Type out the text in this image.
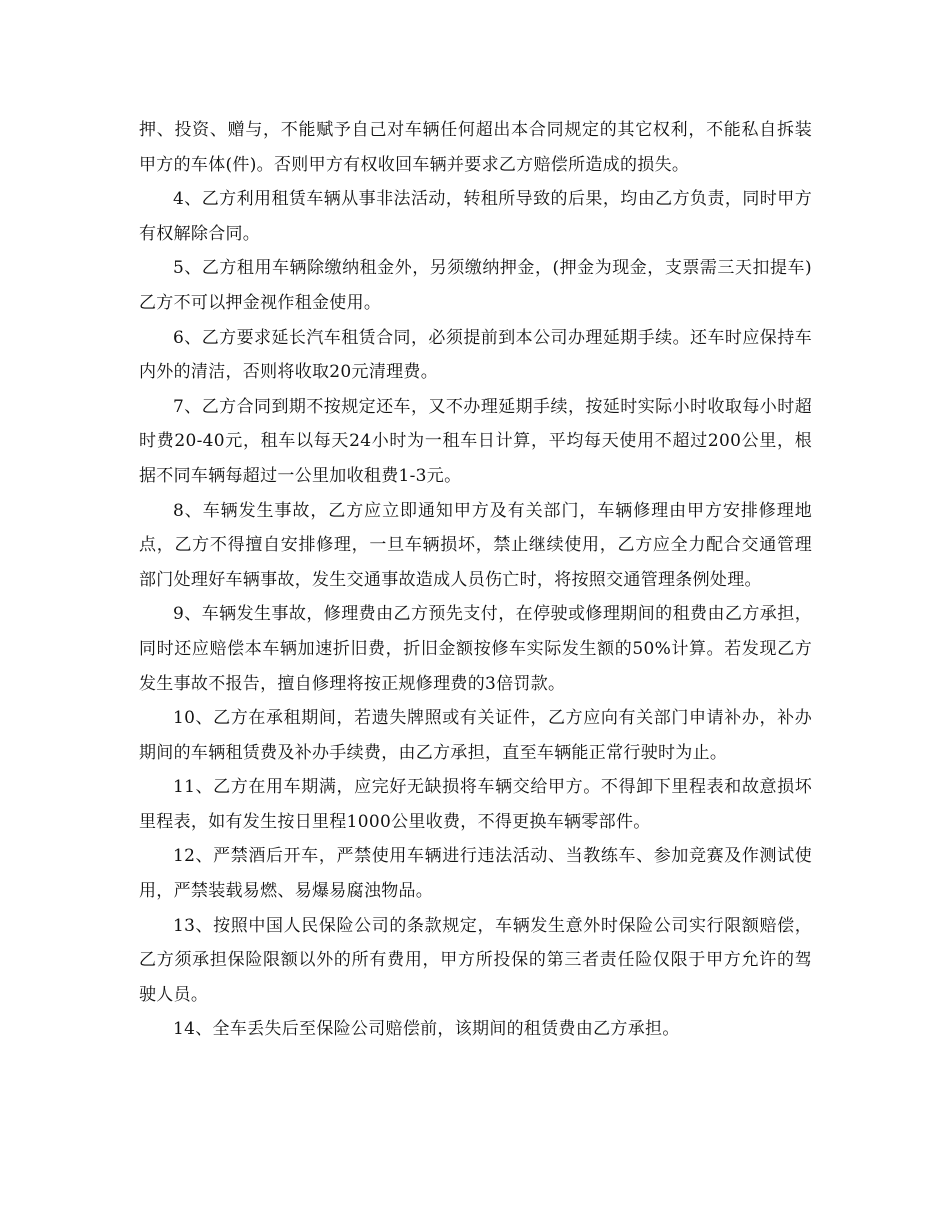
押、投资、赠与，不能赋予自己对车辆任何超出本合同规定的其它权利，不能私自拆装甲方的车体(件)。否则甲方有权收回车辆并要求乙方赔偿所造成的损失。

4、乙方利用租赁车辆从事非法活动，转租所导致的后果，均由乙方负责，同时甲方有权解除合同。

5、乙方租用车辆除缴纳租金外，另须缴纳押金，(押金为现金，支票需三天扣提车)乙方不可以押金视作租金使用。

6、乙方要求延长汽车租赁合同，必须提前到本公司办理延期手续。还车时应保持车内外的清洁，否则将收取20元清理费。

7、乙方合同到期不按规定还车，又不办理延期手续，按延时实际小时收取每小时超时费20-40元，租车以每天24小时为一租车日计算，平均每天使用不超过200公里，根据不同车辆每超过一公里加收租费1-3元。

8、车辆发生事故，乙方应立即通知甲方及有关部门，车辆修理由甲方安排修理地点，乙方不得擅自安排修理，一旦车辆损坏，禁止继续使用，乙方应全力配合交通管理部门处理好车辆事故，发生交通事故造成人员伤亡时，将按照交通管理条例处理。

9、车辆发生事故，修理费由乙方预先支付，在停驶或修理期间的租费由乙方承担，同时还应赔偿本车辆加速折旧费，折旧金额按修车实际发生额的50%计算。若发现乙方发生事故不报告，擅自修理将按正规修理费的3倍罚款。

10、乙方在承租期间，若遗失牌照或有关证件，乙方应向有关部门申请补办，补办期间的车辆租赁费及补办手续费，由乙方承担，直至车辆能正常行驶时为止。

11、乙方在用车期满，应完好无缺损将车辆交给甲方。不得卸下里程表和故意损坏里程表，如有发生按日里程1000公里收费，不得更换车辆零部件。

12、严禁酒后开车，严禁使用车辆进行违法活动、当教练车、参加竞赛及作测试使用，严禁装载易燃、易爆易腐浊物品。

13、按照中国人民保险公司的条款规定，车辆发生意外时保险公司实行限额赔偿，乙方须承担保险限额以外的所有费用，甲方所投保的第三者责任险仅限于甲方允许的驾驶人员。

14、全车丢失后至保险公司赔偿前，该期间的租赁费由乙方承担。
